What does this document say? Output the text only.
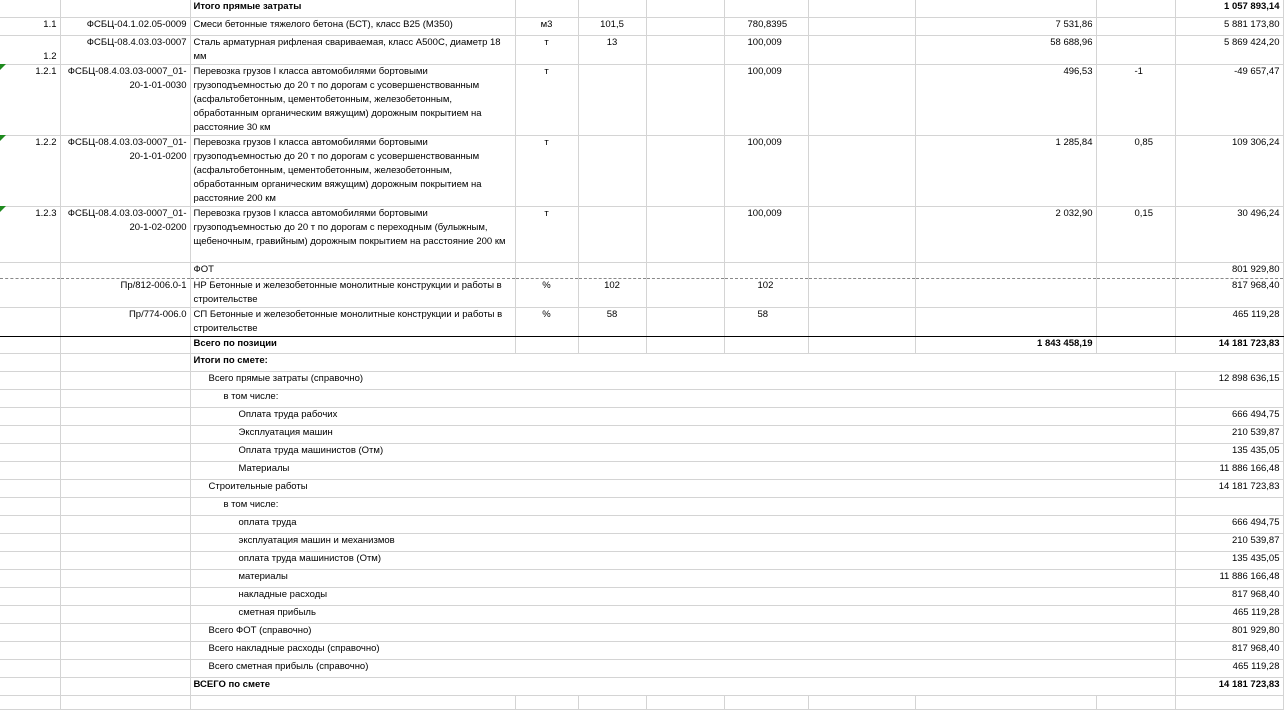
		Итого прямые затраты								1 057 893,14
1.1	ФСБЦ-04.1.02.05-0009	Смеси бетонные тяжелого бетона (БСТ), класс В25 (М350)	м3	101,5		780,8395		7 531,86		5 881 173,80
1.2	ФСБЦ-08.4.03.03-0007	Сталь арматурная рифленая свариваемая, класс А500С, диаметр 18 мм	т	13		100,009		58 688,96		5 869 424,20
1.2.1	ФСБЦ-08.4.03.03-0007_01-20-1-01-0030	Перевозка грузов I класса автомобилями бортовыми грузоподъемностью до 20 т по дорогам с усовершенствованным (асфальтобетонным, цементобетонным, железобетонным, обработанным органическим вяжущим) дорожным покрытием на расстояние 30 км	т			100,009		496,53	-1	-49 657,47
1.2.2	ФСБЦ-08.4.03.03-0007_01-20-1-01-0200	Перевозка грузов I класса автомобилями бортовыми грузоподъемностью до 20 т по дорогам с усовершенствованным (асфальтобетонным, цементобетонным, железобетонным, обработанным органическим вяжущим) дорожным покрытием на расстояние 200 км	т			100,009		1 285,84	0,85	109 306,24
1.2.3	ФСБЦ-08.4.03.03-0007_01-20-1-02-0200	Перевозка грузов I класса автомобилями бортовыми грузоподъемностью до 20 т по дорогам с переходным (булыжным, щебеночным, гравийным) дорожным покрытием на расстояние 200 км	т			100,009		2 032,90	0,15	30 496,24
		ФОТ								801 929,80
	Пр/812-006.0-1	НР Бетонные и железобетонные монолитные конструкции и работы в строительстве	%	102		102				817 968,40
	Пр/774-006.0	СП Бетонные и железобетонные монолитные конструкции и работы в строительстве	%	58		58				465 119,28
		Всего по позиции						1 843 458,19		14 181 723,83
		Итоги по смете:								
		Всего прямые затраты (справочно)								12 898 636,15
		в том числе:								
		Оплата труда рабочих								666 494,75
		Эксплуатация машин								210 539,87
		Оплата труда машинистов (Отм)								135 435,05
		Материалы								11 886 166,48
		Строительные работы								14 181 723,83
		в том числе:								
		оплата труда								666 494,75
		эксплуатация машин и механизмов								210 539,87
		оплата труда машинистов (Отм)								135 435,05
		материалы								11 886 166,48
		накладные расходы								817 968,40
		сметная прибыль								465 119,28
		Всего ФОТ (справочно)								801 929,80
		Всего накладные расходы (справочно)								817 968,40
		Всего сметная прибыль (справочно)								465 119,28
		ВСЕГО по смете								14 181 723,83
